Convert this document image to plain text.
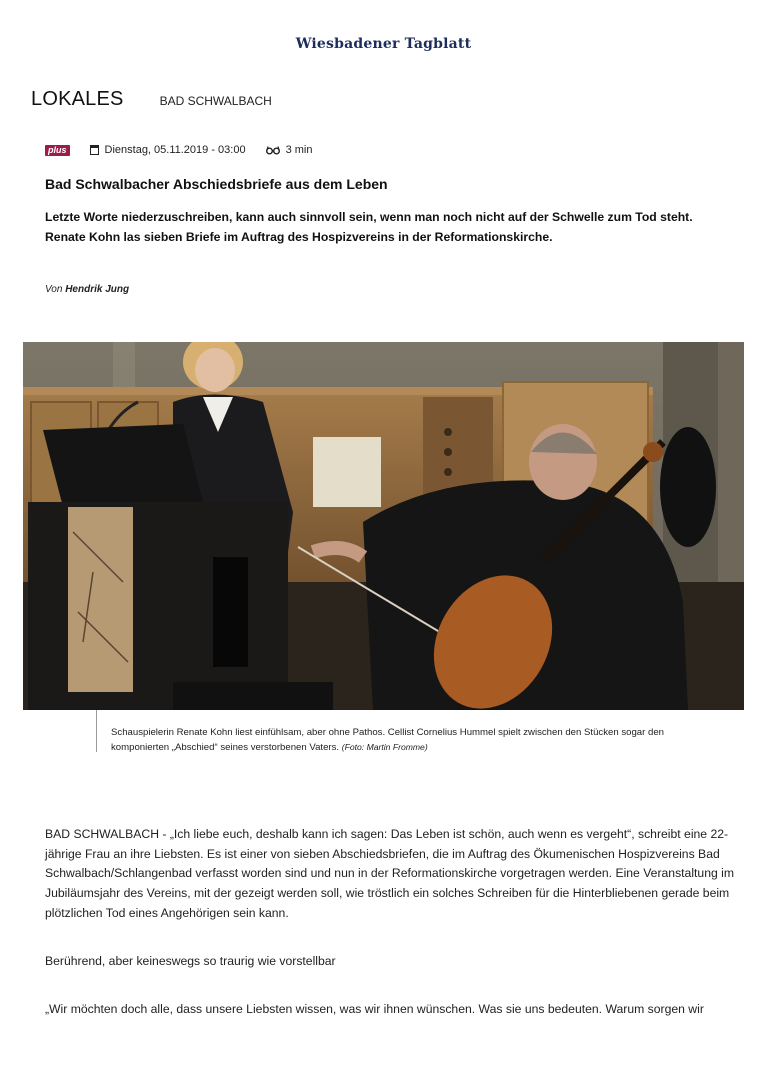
Wiesbadener Tagblatt
LOKALES	BAD SCHWALBACH
plus	Dienstag, 05.11.2019 - 03:00	3 min
Bad Schwalbacher Abschiedsbriefe aus dem Leben

Letzte Worte niederzuschreiben, kann auch sinnvoll sein, wenn man noch nicht auf der Schwelle zum Tod steht. Renate Kohn las sieben Briefe im Auftrag des Hospizvereins in der Reformationskirche.

Von Hendrik Jung
Schauspielerin Renate Kohn liest einfühlsam, aber ohne Pathos. Cellist Cornelius Hummel spielt zwischen den Stücken sogar den komponierten „Abschied“ seines verstorbenen Vaters. (Foto: Martin Fromme)

BAD SCHWALBACH - „Ich liebe euch, deshalb kann ich sagen: Das Leben ist schön, auch wenn es vergeht“, schreibt eine 22-jährige Frau an ihre Liebsten. Es ist einer von sieben Abschiedsbriefen, die im Auftrag des Ökumenischen Hospizvereins Bad Schwalbach/Schlangenbad verfasst worden sind und nun in der Reformationskirche vorgetragen werden. Eine Veranstaltung im Jubiläumsjahr des Vereins, mit der gezeigt werden soll, wie tröstlich ein solches Schreiben für die Hinterbliebenen gerade beim plötzlichen Tod eines Angehörigen sein kann.

Berührend, aber keineswegs so traurig wie vorstellbar

„Wir möchten doch alle, dass unsere Liebsten wissen, was wir ihnen wünschen. Was sie uns bedeuten. Warum sorgen wir
